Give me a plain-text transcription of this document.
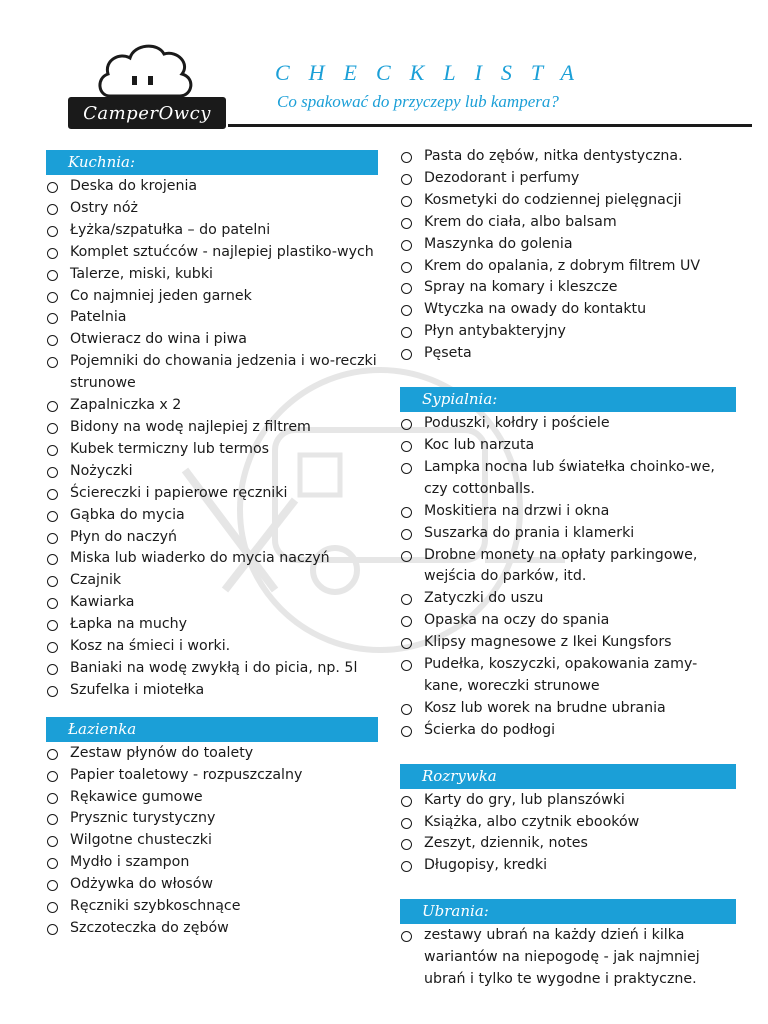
CamperOwcy
CHECKLISTA
Co spakować do przyczepy lub kampera?
Kuchnia:
Deska do krojenia
Ostry nóż
Łyżka/szpatułka – do patelni
Komplet sztućców - najlepiej plastiko-wych
Talerze, miski, kubki
Co najmniej jeden garnek
Patelnia
Otwieracz do wina i piwa
Pojemniki do chowania jedzenia i wo-reczki strunowe
Zapalniczka x 2
Bidony na wodę najlepiej z filtrem
Kubek termiczny lub termos
Nożyczki
Ściereczki i papierowe ręczniki
Gąbka do mycia
Płyn do naczyń
Miska lub wiaderko do mycia naczyń
Czajnik
Kawiarka
Łapka na muchy
Kosz na śmieci i worki.
Baniaki na wodę zwykłą i do picia, np. 5l
Szufelka i miotełka
Łazienka
Zestaw płynów do toalety
Papier toaletowy - rozpuszczalny
Rękawice gumowe
Prysznic turystyczny
Wilgotne chusteczki
Mydło i szampon
Odżywka do włosów
Ręczniki szybkoschnące
Szczoteczka do zębów
Pasta do zębów, nitka dentystyczna.
Dezodorant i perfumy
Kosmetyki do codziennej pielęgnacji
Krem do ciała, albo balsam
Maszynka do golenia
Krem do opalania, z dobrym filtrem UV
Spray na komary i kleszcze
Wtyczka na owady do kontaktu
Płyn antybakteryjny
Pęseta
Sypialnia:
Poduszki, kołdry i pościele
Koc lub narzuta
Lampka nocna lub światełka choinko-we, czy cottonballs.
Moskitiera na drzwi i okna
Suszarka do prania i klamerki
Drobne monety na opłaty parkingowe, wejścia do parków, itd.
Zatyczki do uszu
Opaska na oczy do spania
Klipsy magnesowe z Ikei Kungsfors
Pudełka, koszyczki, opakowania zamy-kane, woreczki strunowe
Kosz lub worek na brudne ubrania
Ścierka do podłogi
Rozrywka
Karty do gry, lub planszówki
Książka, albo czytnik ebooków
Zeszyt, dziennik, notes
Długopisy, kredki
Ubrania:
zestawy ubrań na każdy dzień i kilka wariantów na niepogodę - jak najmniej ubrań i tylko te wygodne i praktyczne.
